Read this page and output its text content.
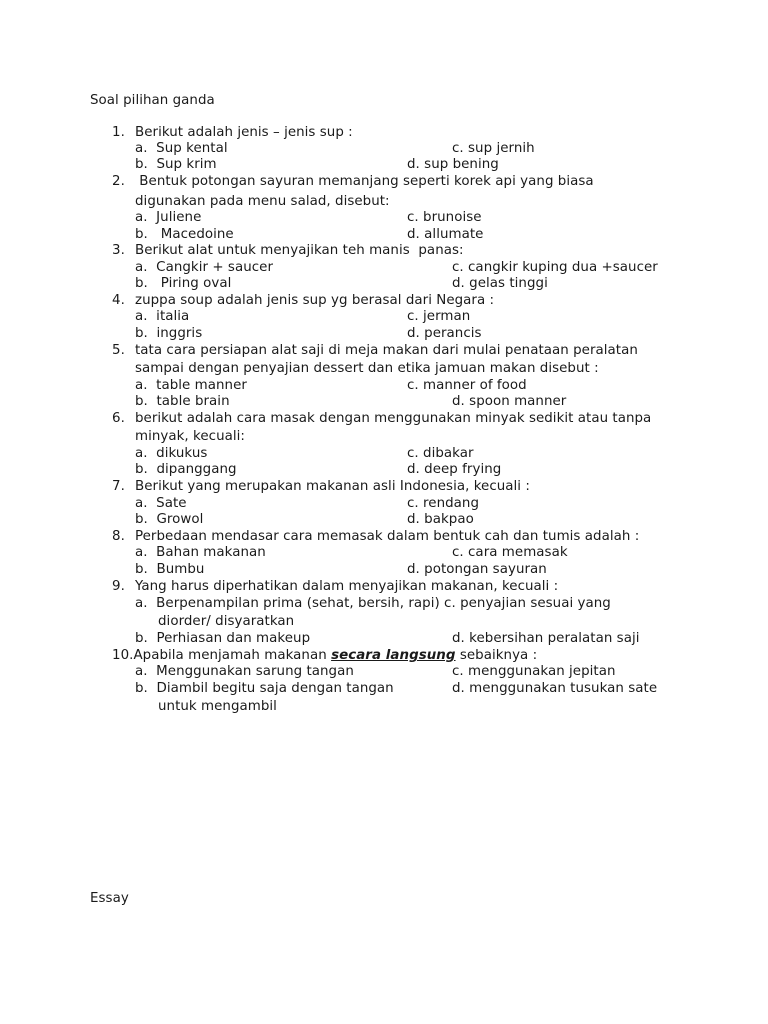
Soal pilihan ganda
1. Berikut adalah jenis – jenis sup :
a.  Sup kental	c. sup jernih
b.  Sup krim	d. sup bening
2. Bentuk potongan sayuran memanjang seperti korek api yang biasa
digunakan pada menu salad, disebut:
a.  Juliene	c. brunoise
b.   Macedoine	d. allumate
3. Berikut alat untuk menyajikan teh manis  panas:
a.  Cangkir + saucer	c. cangkir kuping dua +saucer
b.   Piring oval	d. gelas tinggi
4. zuppa soup adalah jenis sup yg berasal dari Negara :
a.  italia	c. jerman
b.  inggris	d. perancis
5. tata cara persiapan alat saji di meja makan dari mulai penataan peralatan
sampai dengan penyajian dessert dan etika jamuan makan disebut :
a.  table manner	c. manner of food
b.  table brain	d. spoon manner
6. berikut adalah cara masak dengan menggunakan minyak sedikit atau tanpa
minyak, kecuali:
a.  dikukus	c. dibakar
b.  dipanggang	d. deep frying
7. Berikut yang merupakan makanan asli Indonesia, kecuali :
a.  Sate	c. rendang
b.  Growol	d. bakpao
8. Perbedaan mendasar cara memasak dalam bentuk cah dan tumis adalah :
a.  Bahan makanan	c. cara memasak
b.  Bumbu	d. potongan sayuran
9. Yang harus diperhatikan dalam menyajikan makanan, kecuali :
a.  Berpenampilan prima (sehat, bersih, rapi) c. penyajian sesuai yang
diorder/ disyaratkan
b.  Perhiasan dan makeup	d. kebersihan peralatan saji
10.Apabila menjamah makanan secara langsung sebaiknya :
a.  Menggunakan sarung tangan	c. menggunakan jepitan
b.  Diambil begitu saja dengan tangan	d. menggunakan tusukan sate
untuk mengambil
Essay
